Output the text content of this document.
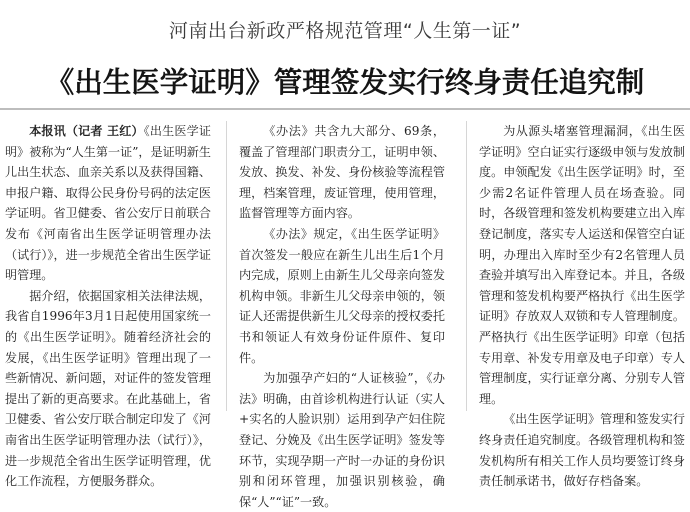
河南出台新政严格规范管理“人生第一证”
《出生医学证明》管理签发实行终身责任追究制

本报讯（记者 王红）《出生医学证明》被称为“人生第一证”，是证明新生儿出生状态、血亲关系以及获得国籍、申报户籍、取得公民身份号码的法定医学证明。省卫健委、省公安厅日前联合发布《河南省出生医学证明管理办法（试行）》，进一步规范全省出生医学证明管理。

据介绍，依据国家相关法律法规，我省自1996年3月1日起使用国家统一的《出生医学证明》。随着经济社会的发展，《出生医学证明》管理出现了一些新情况、新问题，对证件的签发管理提出了新的更高要求。在此基础上，省卫健委、省公安厅联合制定印发了《河南省出生医学证明管理办法（试行）》，进一步规范全省出生医学证明管理，优化工作流程，方便服务群众。

《办法》共含九大部分、69条，覆盖了管理部门职责分工，证明申领、发放、换发、补发、身份核验等流程管理，档案管理，废证管理，使用管理，监督管理等方面内容。

《办法》规定，《出生医学证明》首次签发一般应在新生儿出生后1个月内完成，原则上由新生儿父母亲向签发机构申领。非新生儿父母亲申领的，领证人还需提供新生儿父母亲的授权委托书和领证人有效身份证件原件、复印件。

为加强孕产妇的“人证核验”，《办法》明确，由首诊机构进行认证（实人+实名的人脸识别）运用到孕产妇住院登记、分娩及《出生医学证明》签发等环节，实现孕期一产时一办证的身份识别和闭环管理，加强识别核验，确保“人”“证”一致。

为从源头堵塞管理漏洞，《出生医学证明》空白证实行逐级申领与发放制度。申领配发《出生医学证明》时，至少需2名证件管理人员在场查验。同时，各级管理和签发机构要建立出入库登记制度，落实专人运送和保管空白证明，办理出入库时至少有2名管理人员查验并填写出入库登记本。并且，各级管理和签发机构要严格执行《出生医学证明》存放双人双锁和专人管理制度。严格执行《出生医学证明》印章（包括专用章、补发专用章及电子印章）专人管理制度，实行证章分离、分别专人管理。

《出生医学证明》管理和签发实行终身责任追究制度。各级管理机构和签发机构所有相关工作人员均要签订终身责任制承诺书，做好存档备案。
